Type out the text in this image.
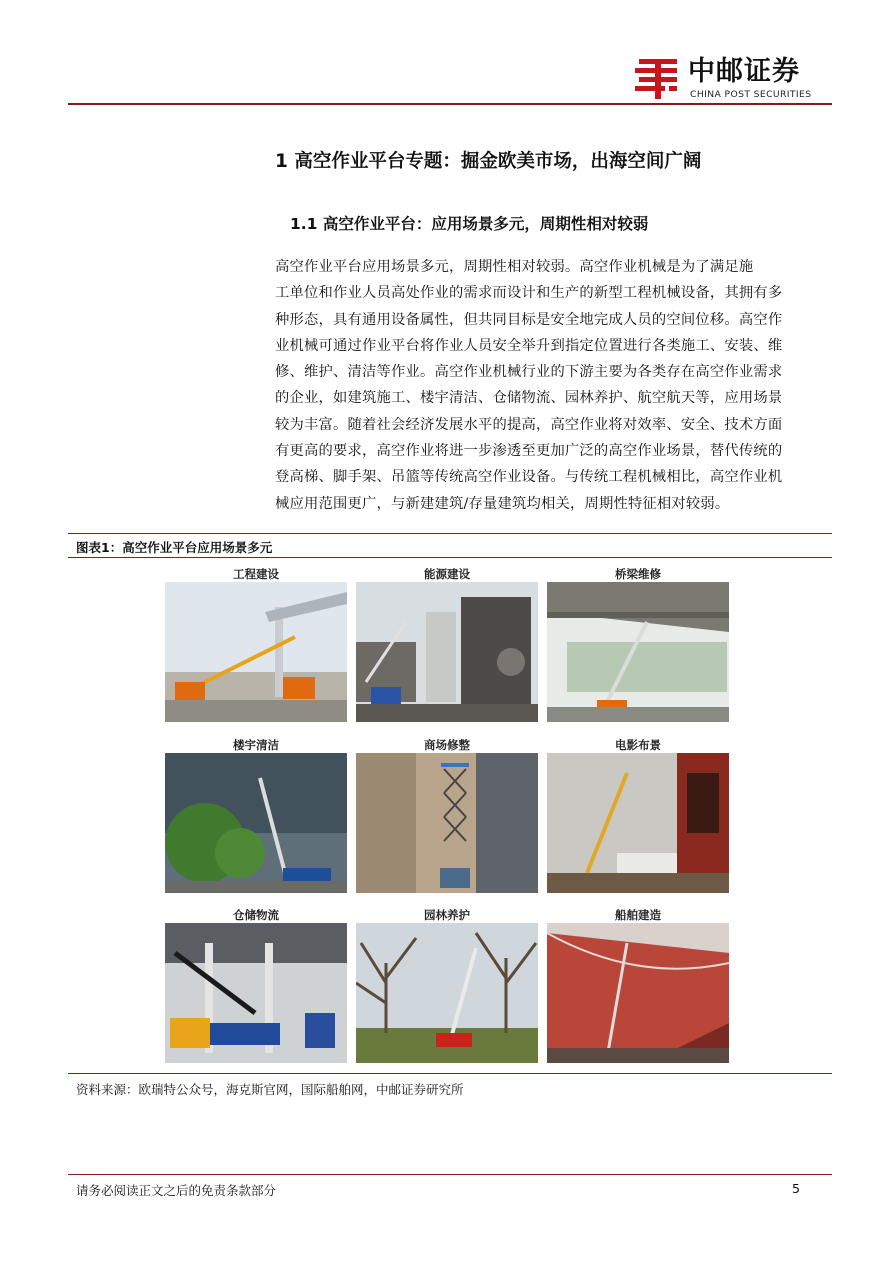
中邮证券
CHINA POST SECURITIES
1 高空作业平台专题：掘金欧美市场，出海空间广阔
1.1 高空作业平台：应用场景多元，周期性相对较弱
高空作业平台应用场景多元，周期性相对较弱。高空作业机械是为了满足施
工单位和作业人员高处作业的需求而设计和生产的新型工程机械设备，其拥有多
种形态，具有通用设备属性，但共同目标是安全地完成人员的空间位移。高空作
业机械可通过作业平台将作业人员安全举升到指定位置进行各类施工、安装、维
修、维护、清洁等作业。高空作业机械行业的下游主要为各类存在高空作业需求
的企业，如建筑施工、楼宇清洁、仓储物流、园林养护、航空航天等，应用场景
较为丰富。随着社会经济发展水平的提高，高空作业将对效率、安全、技术方面
有更高的要求，高空作业将进一步渗透至更加广泛的高空作业场景，替代传统的
登高梯、脚手架、吊篮等传统高空作业设备。与传统工程机械相比，高空作业机
械应用范围更广，与新建建筑/存量建筑均相关，周期性特征相对较弱。
图表1：高空作业平台应用场景多元
工程建设	能源建设	桥梁维修
楼宇清洁	商场修整	电影布景
仓储物流	园林养护	船舶建造
资料来源：欧瑞特公众号，海克斯官网，国际船舶网，中邮证券研究所
请务必阅读正文之后的免责条款部分	5
